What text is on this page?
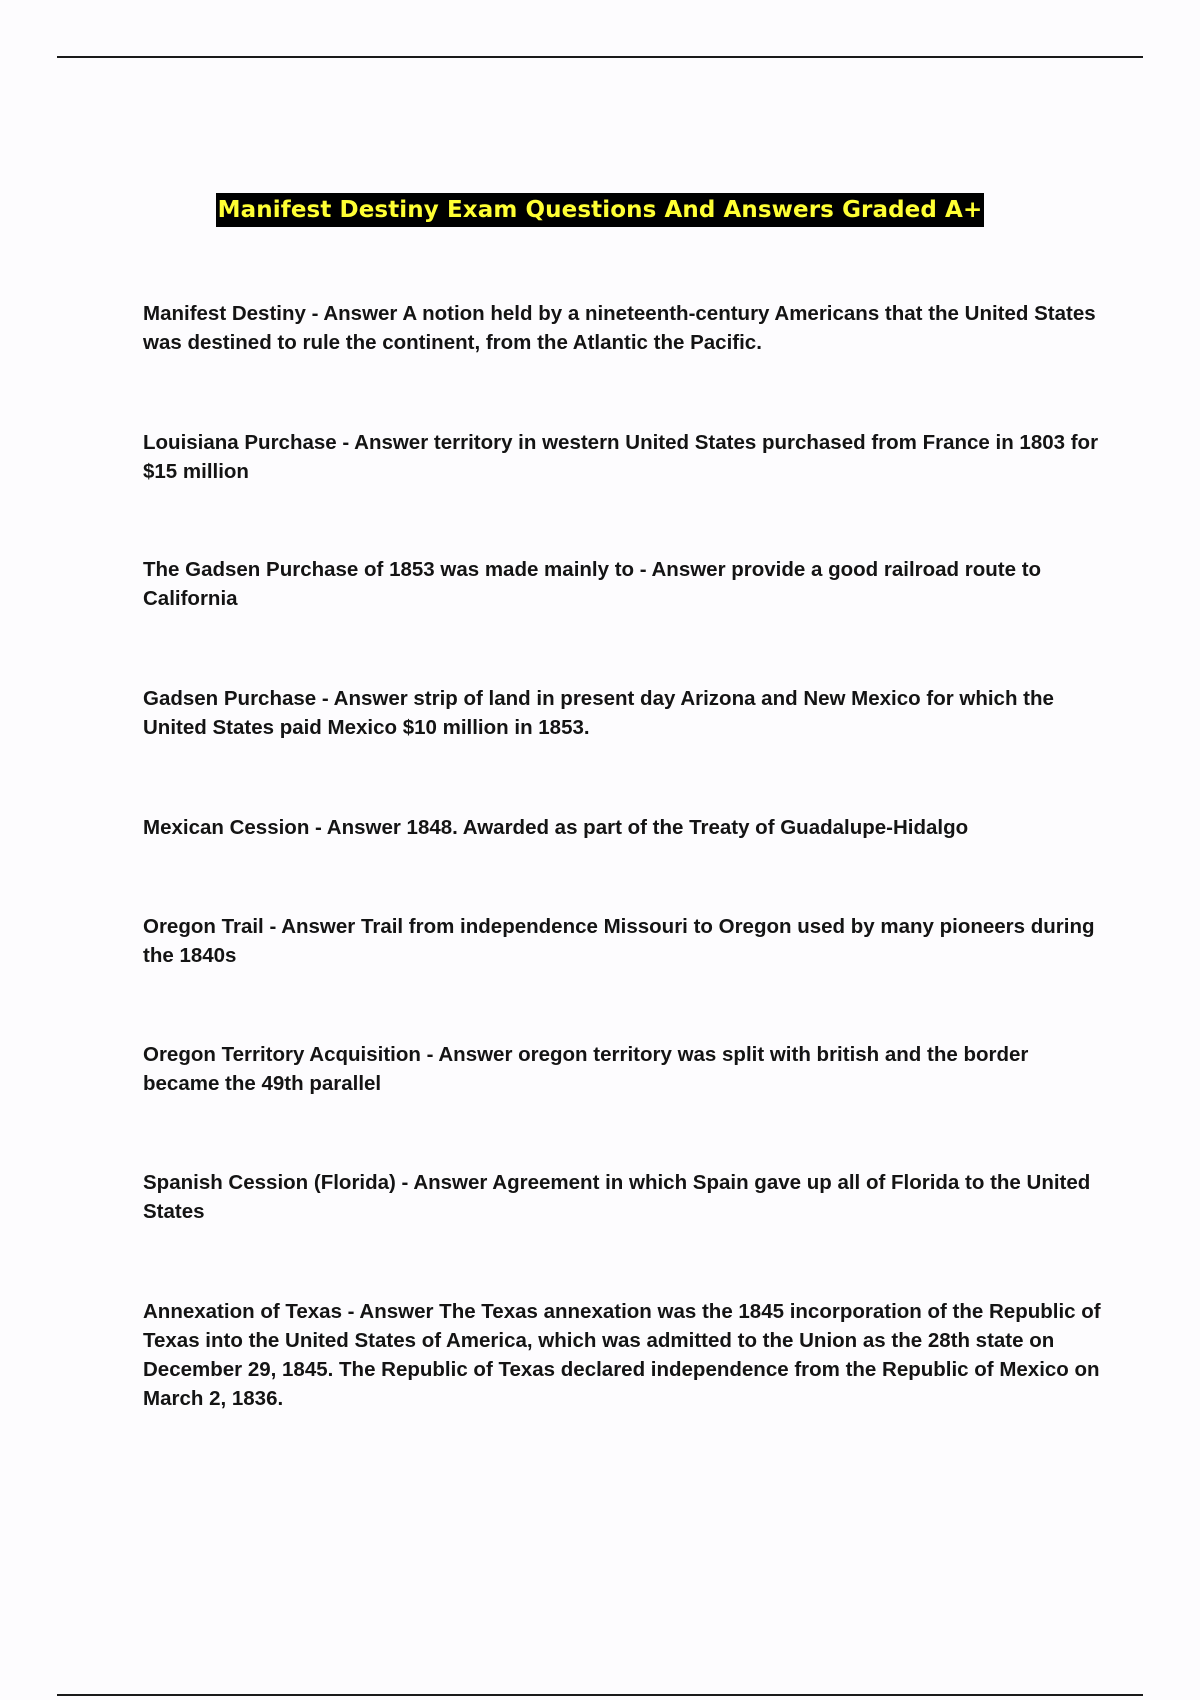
Manifest Destiny Exam Questions And Answers Graded A+
Manifest Destiny - Answer A notion held by a nineteenth-century Americans that the United States was destined to rule the continent, from the Atlantic the Pacific.
Louisiana Purchase - Answer territory in western United States purchased from France in 1803 for $15 million
The Gadsen Purchase of 1853 was made mainly to - Answer provide a good railroad route to California
Gadsen Purchase - Answer strip of land in present day Arizona and New Mexico for which the United States paid Mexico $10 million in 1853.
Mexican Cession - Answer 1848. Awarded as part of the Treaty of Guadalupe-Hidalgo
Oregon Trail - Answer Trail from independence Missouri to Oregon used by many pioneers during the 1840s
Oregon Territory Acquisition - Answer oregon territory was split with british and the border became the 49th parallel
Spanish Cession (Florida) - Answer Agreement in which Spain gave up all of Florida to the United States
Annexation of Texas - Answer The Texas annexation was the 1845 incorporation of the Republic of Texas into the United States of America, which was admitted to the Union as the 28th state on December 29, 1845. The Republic of Texas declared independence from the Republic of Mexico on March 2, 1836.
